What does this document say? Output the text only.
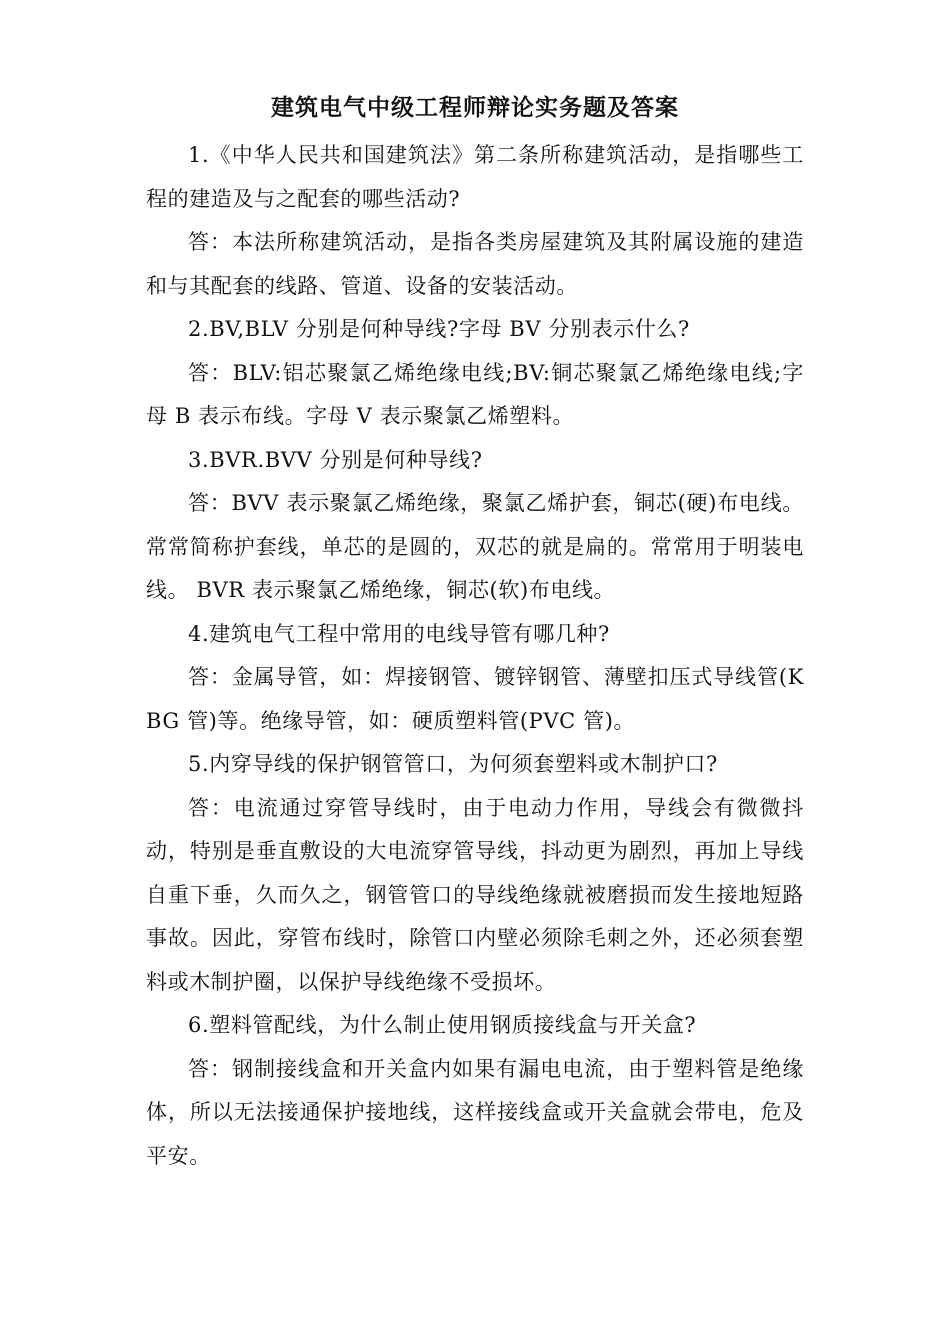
建筑电气中级工程师辩论实务题及答案

1.《中华人民共和国建筑法》第二条所称建筑活动，是指哪些工程的建造及与之配套的哪些活动?

答：本法所称建筑活动，是指各类房屋建筑及其附属设施的建造和与其配套的线路、管道、设备的安装活动。

2.BV,BLV 分别是何种导线?字母 BV 分别表示什么?

答：BLV:铝芯聚氯乙烯绝缘电线;BV:铜芯聚氯乙烯绝缘电线;字母 B 表示布线。字母 V 表示聚氯乙烯塑料。

3.BVR.BVV 分别是何种导线?

答：BVV 表示聚氯乙烯绝缘，聚氯乙烯护套，铜芯(硬)布电线。常常简称护套线，单芯的是圆的，双芯的就是扁的。常常用于明装电线。 BVR 表示聚氯乙烯绝缘，铜芯(软)布电线。

4.建筑电气工程中常用的电线导管有哪几种?

答：金属导管，如：焊接钢管、镀锌钢管、薄壁扣压式导线管(KBG 管)等。绝缘导管，如：硬质塑料管(PVC 管)。

5.内穿导线的保护钢管管口，为何须套塑料或木制护口?

答：电流通过穿管导线时，由于电动力作用，导线会有微微抖动，特别是垂直敷设的大电流穿管导线，抖动更为剧烈，再加上导线自重下垂，久而久之，钢管管口的导线绝缘就被磨损而发生接地短路事故。因此，穿管布线时，除管口内壁必须除毛刺之外，还必须套塑料或木制护圈，以保护导线绝缘不受损坏。

6.塑料管配线，为什么制止使用钢质接线盒与开关盒?

答：钢制接线盒和开关盒内如果有漏电电流，由于塑料管是绝缘体，所以无法接通保护接地线，这样接线盒或开关盒就会带电，危及平安。
